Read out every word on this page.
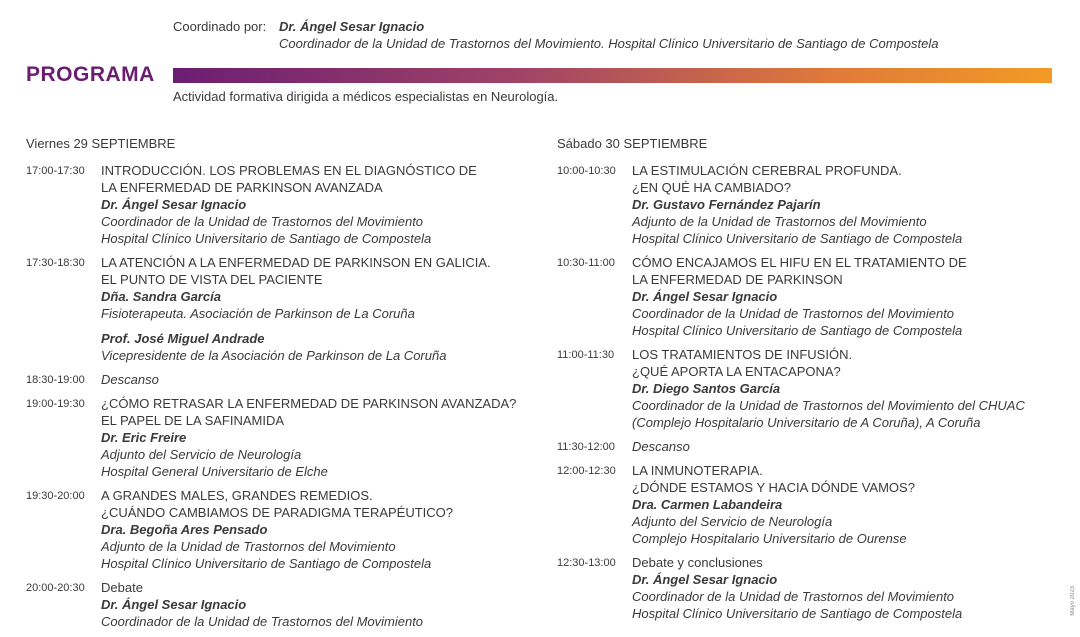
Coordinado por: Dr. Ángel Sesar Ignacio
Coordinador de la Unidad de Trastornos del Movimiento. Hospital Clínico Universitario de Santiago de Compostela
PROGRAMA
Actividad formativa dirigida a médicos especialistas en Neurología.
Viernes 29 SEPTIEMBRE
17:00-17:30 INTRODUCCIÓN. LOS PROBLEMAS EN EL DIAGNÓSTICO DE
LA ENFERMEDAD DE PARKINSON AVANZADA
Dr. Ángel Sesar Ignacio
Coordinador de la Unidad de Trastornos del Movimiento
Hospital Clínico Universitario de Santiago de Compostela
17:30-18:30 LA ATENCIÓN A LA ENFERMEDAD DE PARKINSON EN GALICIA.
EL PUNTO DE VISTA DEL PACIENTE
Dña. Sandra García
Fisioterapeuta. Asociación de Parkinson de La Coruña
Prof. José Miguel Andrade
Vicepresidente de la Asociación de Parkinson de La Coruña
18:30-19:00 Descanso
19:00-19:30 ¿CÓMO RETRASAR LA ENFERMEDAD DE PARKINSON AVANZADA?
EL PAPEL DE LA SAFINAMIDA
Dr. Eric Freire
Adjunto del Servicio de Neurología
Hospital General Universitario de Elche
19:30-20:00 A GRANDES MALES, GRANDES REMEDIOS.
¿CUÁNDO CAMBIAMOS DE PARADIGMA TERAPÉUTICO?
Dra. Begoña Ares Pensado
Adjunto de la Unidad de Trastornos del Movimiento
Hospital Clínico Universitario de Santiago de Compostela
20:00-20:30 Debate
Dr. Ángel Sesar Ignacio
Coordinador de la Unidad de Trastornos del Movimiento
Sábado 30 SEPTIEMBRE
10:00-10:30 LA ESTIMULACIÓN CEREBRAL PROFUNDA.
¿EN QUÉ HA CAMBIADO?
Dr. Gustavo Fernández Pajarín
Adjunto de la Unidad de Trastornos del Movimiento
Hospital Clínico Universitario de Santiago de Compostela
10:30-11:00 CÓMO ENCAJAMOS EL HIFU EN EL TRATAMIENTO DE
LA ENFERMEDAD DE PARKINSON
Dr. Ángel Sesar Ignacio
Coordinador de la Unidad de Trastornos del Movimiento
Hospital Clínico Universitario de Santiago de Compostela
11:00-11:30 LOS TRATAMIENTOS DE INFUSIÓN.
¿QUÉ APORTA LA ENTACAPONA?
Dr. Diego Santos García
Coordinador de la Unidad de Trastornos del Movimiento del CHUAC
(Complejo Hospitalario Universitario de A Coruña), A Coruña
11:30-12:00 Descanso
12:00-12:30 LA INMUNOTERAPIA.
¿DÓNDE ESTAMOS Y HACIA DÓNDE VAMOS?
Dra. Carmen Labandeira
Adjunto del Servicio de Neurología
Complejo Hospitalario Universitario de Ourense
12:30-13:00 Debate y conclusiones
Dr. Ángel Sesar Ignacio
Coordinador de la Unidad de Trastornos del Movimiento
Hospital Clínico Universitario de Santiago de Compostela	Mayo 2023
